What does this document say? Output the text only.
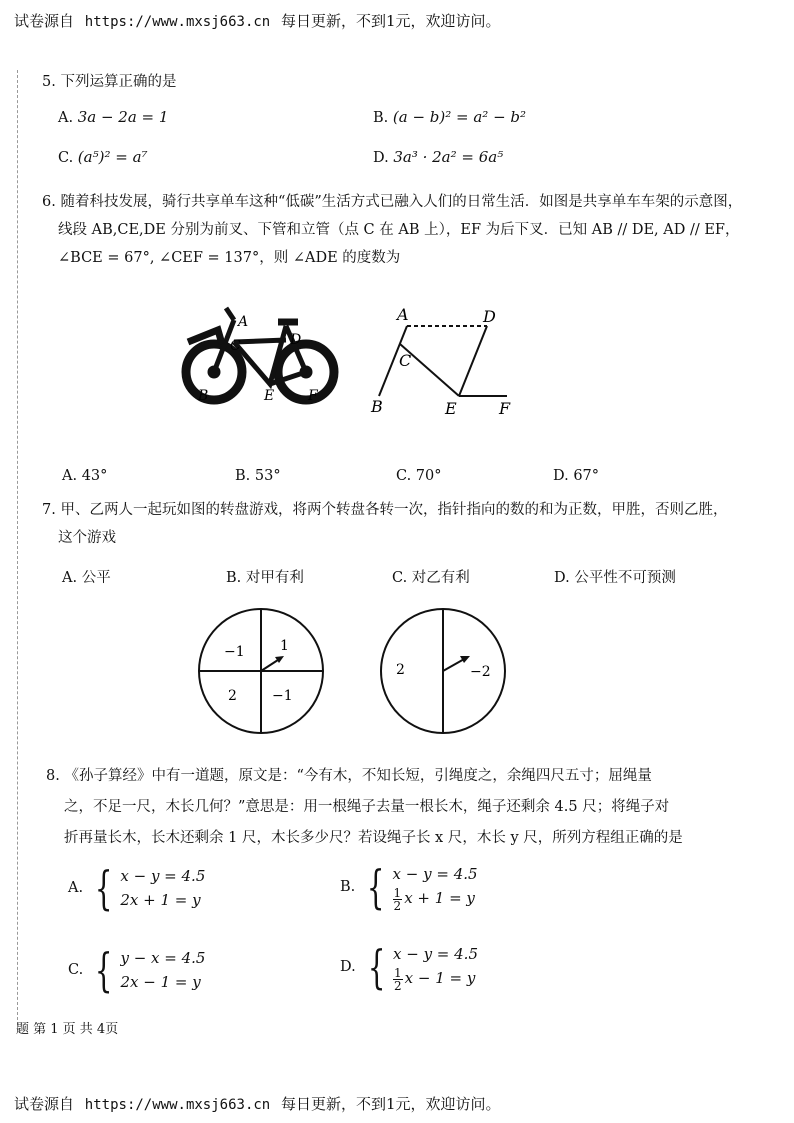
试卷源自 https://www.mxsj663.cn 每日更新，不到1元，欢迎访问。
5. 下列运算正确的是
A. 3a − 2a = 1	B. (a − b)² = a² − b²
C. (a⁵)² = a⁷	D. 3a³ · 2a² = 6a⁵
6. 随着科技发展，骑行共享单车这种“低碳”生活方式已融入人们的日常生活．如图是共享单车车架的示意图，
线段 AB,CE,DE 分别为前叉、下管和立管（点 C 在 AB 上），EF 为后下叉．已知 AB // DE, AD // EF，
∠BCE = 67°, ∠CEF = 137°，则 ∠ADE 的度数为
A
D
C
B	E F
A	D
C
B	E	F
A. 43°	B. 53°	C. 70°	D. 67°
7. 甲、乙两人一起玩如图的转盘游戏，将两个转盘各转一次，指针指向的数的和为正数，甲胜，否则乙胜，
这个游戏
A. 公平	B. 对甲有利	C. 对乙有利	D. 公平性不可预测
−1	1
2	−1
2	−2
8. 《孙子算经》中有一道题，原文是：“今有木，不知长短，引绳度之，余绳四尺五寸；屈绳量
之，不足一尺，木长几何？”意思是：用一根绳子去量一根长木，绳子还剩余 4.5 尺；将绳子对
折再量长木，长木还剩余 1 尺，木长多少尺？若设绳子长 x 尺，木长 y 尺，所列方程组正确的是
A. { x − y = 4.5
2x + 1 = y
B. { x − y = 4.5
$\frac{1}{2}$ x + 1 = y
C. { y − x = 4.5
2x − 1 = y
D. { x − y = 4.5
$\frac{1}{2}$ x − 1 = y
题 第 1 页 共 4页
试卷源自 https://www.mxsj663.cn 每日更新，不到1元，欢迎访问。
